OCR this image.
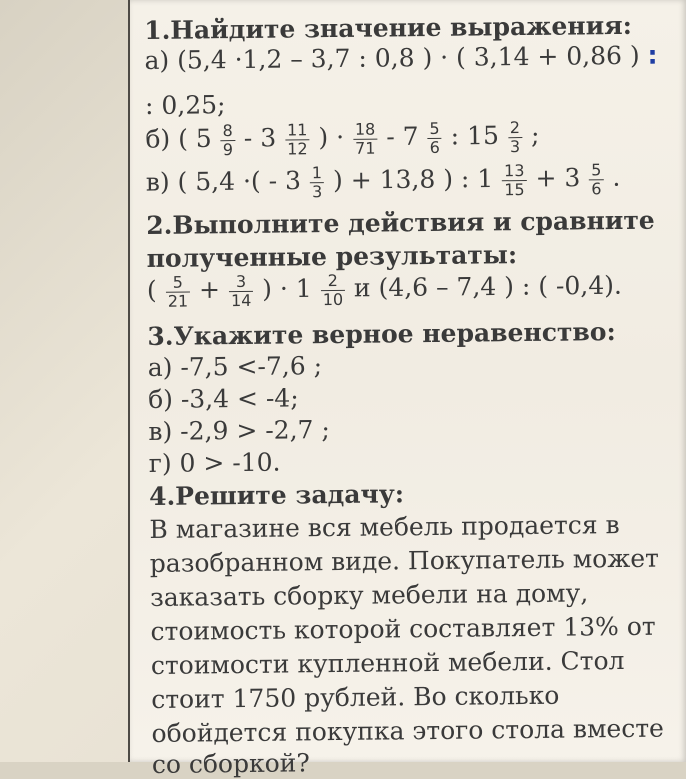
1.Найдите значение выражения:
а) (5,4 ·1,2 – 3,7 : 0,8 ) · ( 3,14 + 0,86 ) :
: 0,25;
б) ( $5 \frac{8}{9} - 3 \frac{11}{12}$ ) · $\frac{18}{71} - 7 \frac{5}{6}$ : $15 \frac{2}{3}$ ;
в) ( 5,4 ·( - $3 \frac{1}{3}$ ) + 13,8 ) : $1 \frac{13}{15} + 3 \frac{5}{6}$ .
2.Выполните действия и сравните
полученные результаты:
( $\frac{5}{21} + \frac{3}{14}$ ) · $1 \frac{2}{10}$ и (4,6 – 7,4 ) : ( -0,4).
3.Укажите верное неравенство:
а) -7,5 <-7,6 ;
б) -3,4 < -4;
в) -2,9 > -2,7 ;
г) 0 > -10.
4.Решите задачу:
В магазине вся мебель продается в
разобранном виде. Покупатель может
заказать сборку мебели на дому,
стоимость которой составляет 13% от
стоимости купленной мебели. Стол
стоит 1750 рублей. Во сколько
обойдется покупка этого стола вместе
со сборкой?
